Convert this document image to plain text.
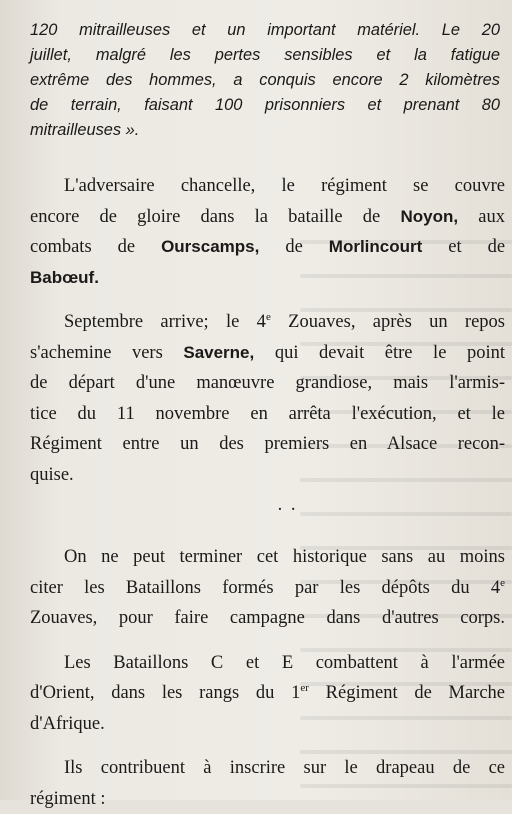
120 mitrailleuses et un important matériel. Le 20
juillet, malgré les pertes sensibles et la fatigue
extrême des hommes, a conquis encore 2 kilomètres
de terrain, faisant 100 prisonniers et prenant 80
mitrailleuses ».
L'adversaire chancelle, le régiment se couvre
encore de gloire dans la bataille de Noyon, aux
combats de Ourscamps, de Morlincourt et de
Babœuf.
Septembre arrive; le 4e Zouaves, après un repos
s'achemine vers Saverne, qui devait être le point
de départ d'une manœuvre grandiose, mais l'armis-
tice du 11 novembre en arrêta l'exécution, et le
Régiment entre un des premiers en Alsace recon-
quise.
. .
On ne peut terminer cet historique sans au moins
citer les Bataillons formés par les dépôts du 4e
Zouaves, pour faire campagne dans d'autres corps.
Les Bataillons C et E combattent à l'armée
d'Orient, dans les rangs du 1er Régiment de Marche
d'Afrique.
Ils contribuent à inscrire sur le drapeau de ce
régiment :
